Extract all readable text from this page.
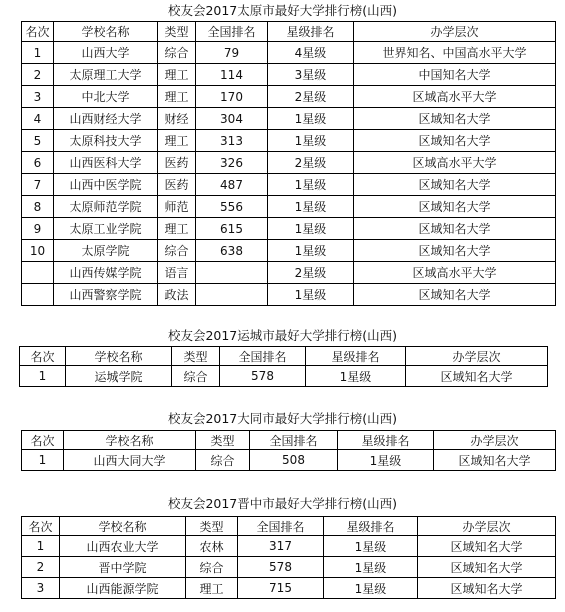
校友会2017太原市最好大学排行榜(山西)
名次	学校名称	类型	全国排名	星级排名	办学层次
1	山西大学	综合	79	4星级	世界知名、中国高水平大学
2	太原理工大学	理工	114	3星级	中国知名大学
3	中北大学	理工	170	2星级	区域高水平大学
4	山西财经大学	财经	304	1星级	区域知名大学
5	太原科技大学	理工	313	1星级	区域知名大学
6	山西医科大学	医药	326	2星级	区域高水平大学
7	山西中医学院	医药	487	1星级	区域知名大学
8	太原师范学院	师范	556	1星级	区域知名大学
9	太原工业学院	理工	615	1星级	区域知名大学
10	太原学院	综合	638	1星级	区域知名大学
	山西传媒学院	语言		2星级	区域高水平大学
	山西警察学院	政法		1星级	区域知名大学
校友会2017运城市最好大学排行榜(山西)
名次	学校名称	类型	全国排名	星级排名	办学层次
1	运城学院	综合	578	1星级	区域知名大学
校友会2017大同市最好大学排行榜(山西)
名次	学校名称	类型	全国排名	星级排名	办学层次
1	山西大同大学	综合	508	1星级	区域知名大学
校友会2017晋中市最好大学排行榜(山西)
名次	学校名称	类型	全国排名	星级排名	办学层次
1	山西农业大学	农林	317	1星级	区域知名大学
2	晋中学院	综合	578	1星级	区域知名大学
3	山西能源学院	理工	715	1星级	区域知名大学
